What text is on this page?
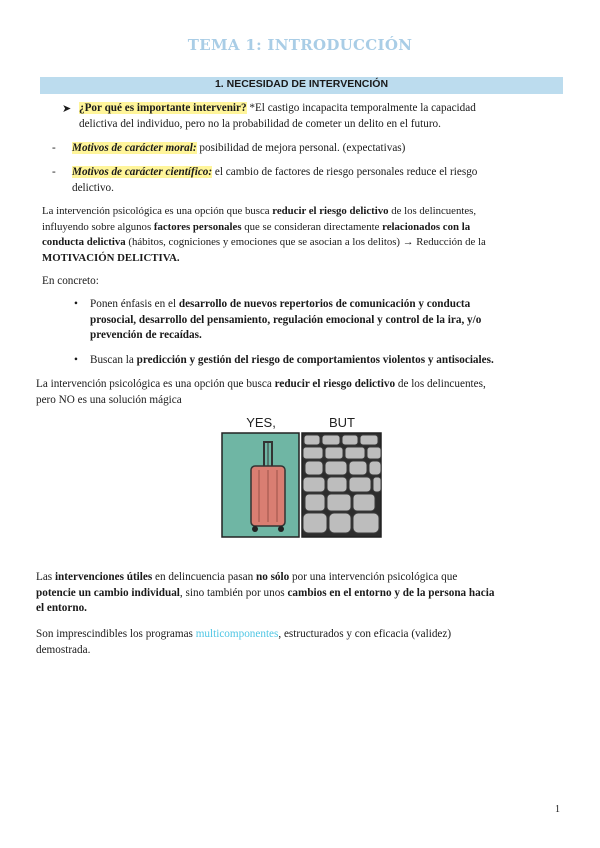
TEMA 1: INTRODUCCIÓN
1. NECESIDAD DE INTERVENCIÓN
➤ ¿Por qué es importante intervenir? *El castigo incapacita temporalmente la capacidad
delictiva del individuo, pero no la probabilidad de cometer un delito en el futuro.
- Motivos de carácter moral: posibilidad de mejora personal. (expectativas)
- Motivos de carácter científico: el cambio de factores de riesgo personales reduce el riesgo
delictivo.
La intervención psicológica es una opción que busca reducir el riesgo delictivo de los delincuentes,
influyendo sobre algunos factores personales que se consideran directamente relacionados con la
conducta delictiva (hábitos, cogniciones y emociones que se asocian a los delitos) → Reducción de la
MOTIVACIÓN DELICTIVA.
En concreto:
• Ponen énfasis en el desarrollo de nuevos repertorios de comunicación y conducta
prosocial, desarrollo del pensamiento, regulación emocional y control de la ira, y/o
prevención de recaídas.
• Buscan la predicción y gestión del riesgo de comportamientos violentos y antisociales.
La intervención psicológica es una opción que busca reducir el riesgo delictivo de los delincuentes,
pero NO es una solución mágica
YES,	BUT
Las intervenciones útiles en delincuencia pasan no sólo por una intervención psicológica que
potencie un cambio individual, sino también por unos cambios en el entorno y de la persona hacia
el entorno.
Son imprescindibles los programas multicomponentes, estructurados y con eficacia (validez)
demostrada.
1
